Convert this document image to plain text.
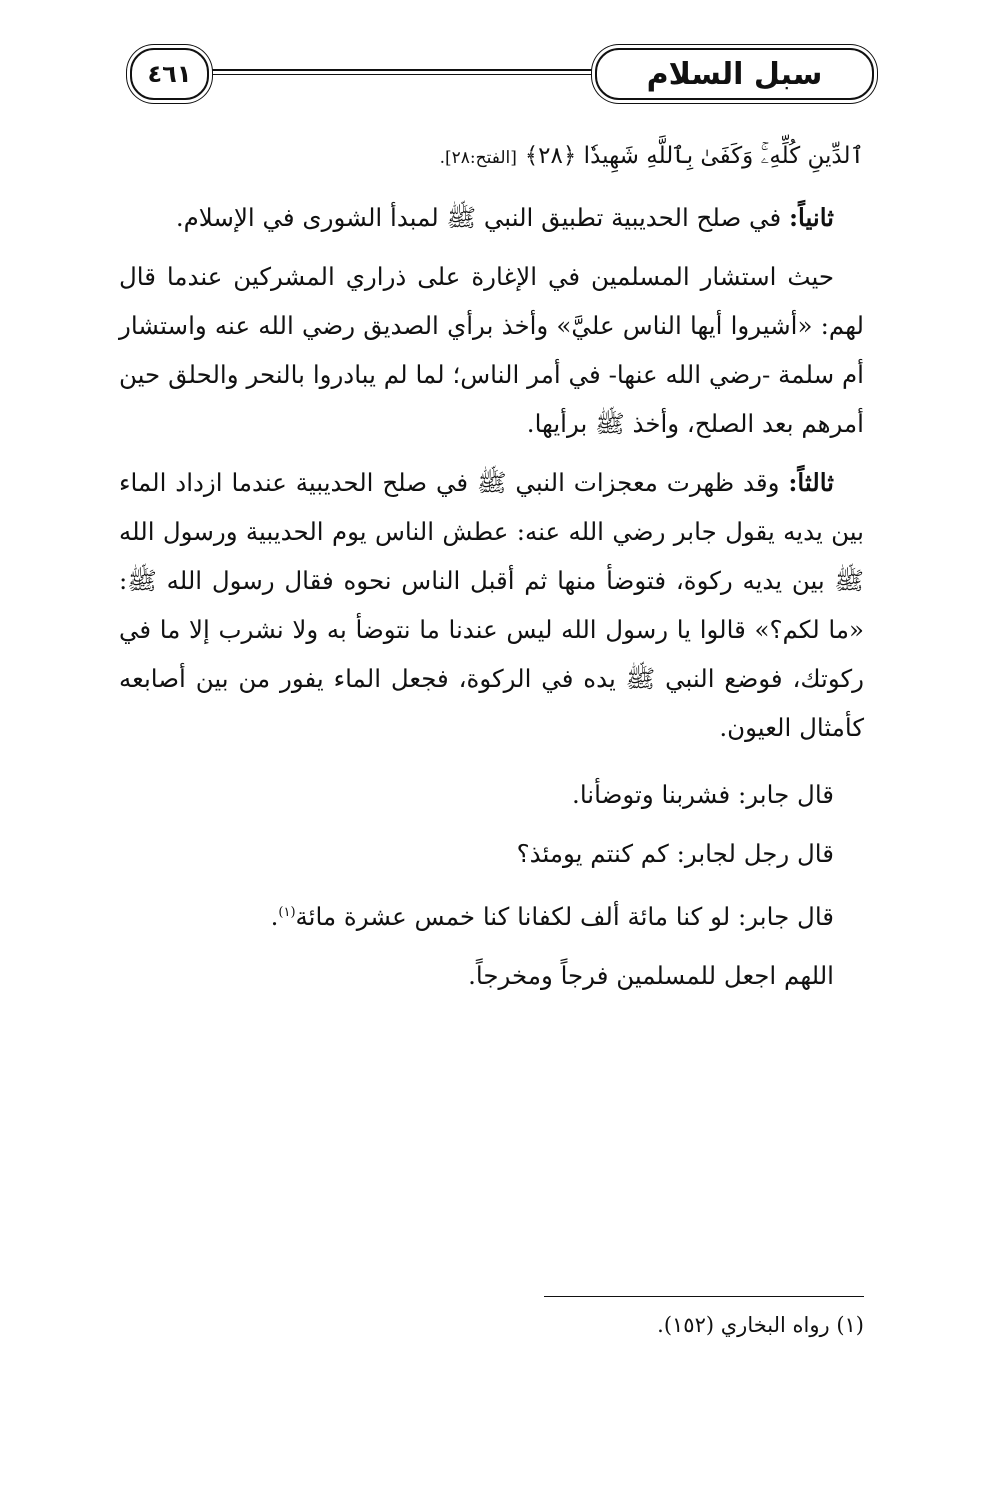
سبل السلام
٤٦١

ٱلدِّينِ كُلِّهِۦۚ وَكَفَىٰ بِٱللَّهِ شَهِيدٗا ﴿٢٨﴾ [الفتح:٢٨].

ثانياً: في صلح الحديبية تطبيق النبي ﷺ لمبدأ الشورى في الإسلام.

حيث استشار المسلمين في الإغارة على ذراري المشركين عندما قال لهم: «أشيروا أيها الناس عليَّ» وأخذ برأي الصديق رضي الله عنه واستشار أم سلمة -رضي الله عنها- في أمر الناس؛ لما لم يبادروا بالنحر والحلق حين أمرهم بعد الصلح، وأخذ ﷺ برأيها.

ثالثاً: وقد ظهرت معجزات النبي ﷺ في صلح الحديبية عندما ازداد الماء بين يديه يقول جابر رضي الله عنه: عطش الناس يوم الحديبية ورسول الله ﷺ بين يديه ركوة، فتوضأ منها ثم أقبل الناس نحوه فقال رسول الله ﷺ: «ما لكم؟» قالوا يا رسول الله ليس عندنا ما نتوضأ به ولا نشرب إلا ما في ركوتك، فوضع النبي ﷺ يده في الركوة، فجعل الماء يفور من بين أصابعه كأمثال العيون.

قال جابر: فشربنا وتوضأنا.

قال رجل لجابر: كم كنتم يومئذ؟

قال جابر: لو كنا مائة ألف لكفانا كنا خمس عشرة مائة$^{(١)}$.

اللهم اجعل للمسلمين فرجاً ومخرجاً.

(١) رواه البخاري (١٥٢).
